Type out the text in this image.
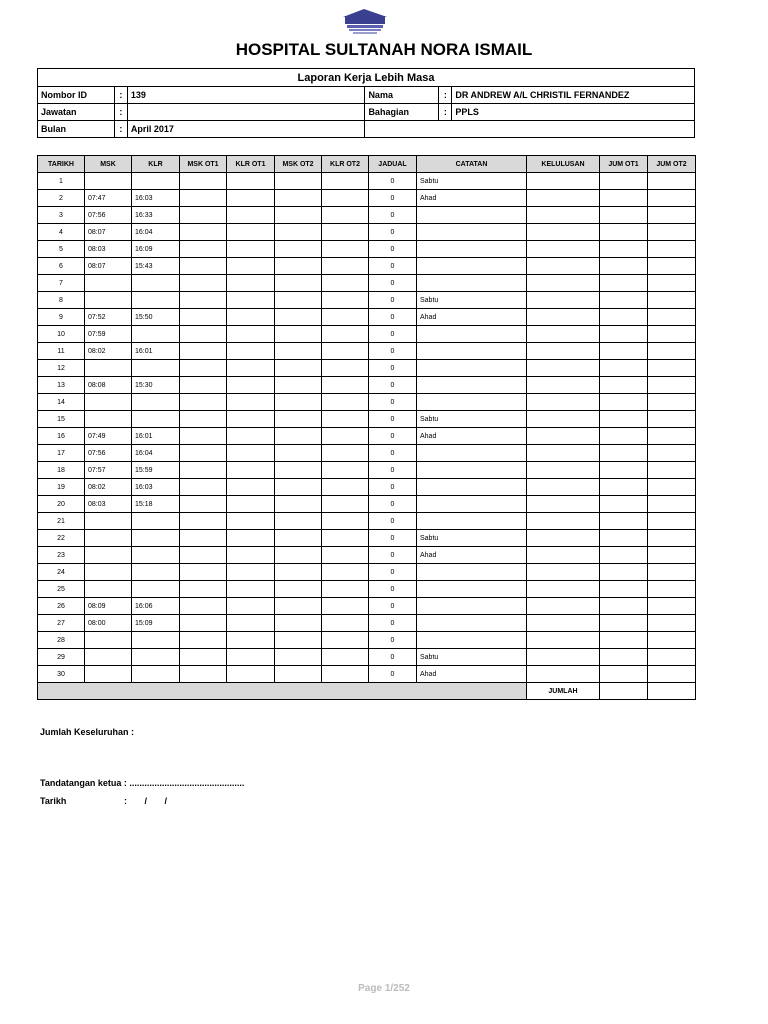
HOSPITAL SULTANAH NORA ISMAIL
Laporan Kerja Lebih Masa					
Nombor ID	:	139	Nama	:	DR ANDREW A/L CHRISTIL FERNANDEZ
Jawatan	:		Bahagian	:	PPLS
Bulan	:	April 2017			
TARIKH	MSK	KLR	MSK OT1	KLR OT1	MSK OT2	KLR OT2	JADUAL	CATATAN	KELULUSAN	JUM OT1	JUM OT2
1							0	Sabtu			
2	07:47	16:03					0	Ahad			
3	07:56	16:33					0				
4	08:07	16:04					0				
5	08:03	16:09					0				
6	08:07	15:43					0				
7							0				
8							0	Sabtu			
9	07:52	15:50					0	Ahad			
10	07:59						0				
11	08:02	16:01					0				
12							0				
13	08:08	15:30					0				
14							0				
15							0	Sabtu			
16	07:49	16:01					0	Ahad			
17	07:56	16:04					0				
18	07:57	15:59					0				
19	08:02	16:03					0				
20	08:03	15:18					0				
21							0				
22							0	Sabtu			
23							0	Ahad			
24							0				
25							0				
26	08:09	16:06					0				
27	08:00	15:09					0				
28							0				
29							0	Sabtu			
30							0	Ahad			
									JUMLAH		
Jumlah Keseluruhan :
Tandatangan ketua : ..............................................
Tarikh	:       /       /
Page 1/252
